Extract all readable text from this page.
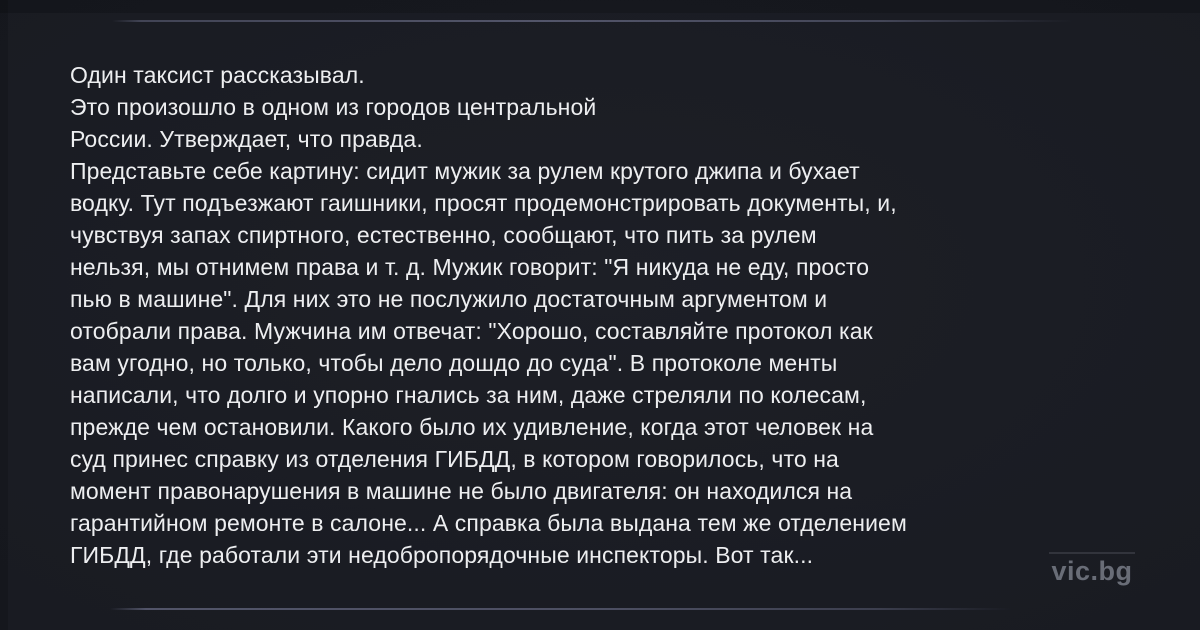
Один таксист рассказывал.
Это произошло в одном из городов центральной
России. Утверждает, что правда.
Представьте себе картину: сидит мужик за рулем крутого джипа и бухает
водку. Тут подъезжают гаишники, просят продемонстрировать документы, и,
чувствуя запах спиртного, естественно, сообщают, что пить за рулем
нельзя, мы отнимем права и т. д. Мужик говорит: "Я никуда не еду, просто
пью в машине". Для них это не послужило достаточным аргументом и
отобрали права. Мужчина им отвечат: "Хорошо, составляйте протокол как
вам угодно, но только, чтобы дело дошдо до суда". В протоколе менты
написали, что долго и упорно гнались за ним, даже стреляли по колесам,
прежде чем остановили. Какого было их удивление, когда этот человек на
суд принес справку из отделения ГИБДД, в котором говорилось, что на
момент правонарушения в машине не было двигателя: он находился на
гарантийном ремонте в салоне... А справка была выдана тем же отделением
ГИБДД, где работали эти недобропорядочные инспекторы. Вот так...
vic.bg
